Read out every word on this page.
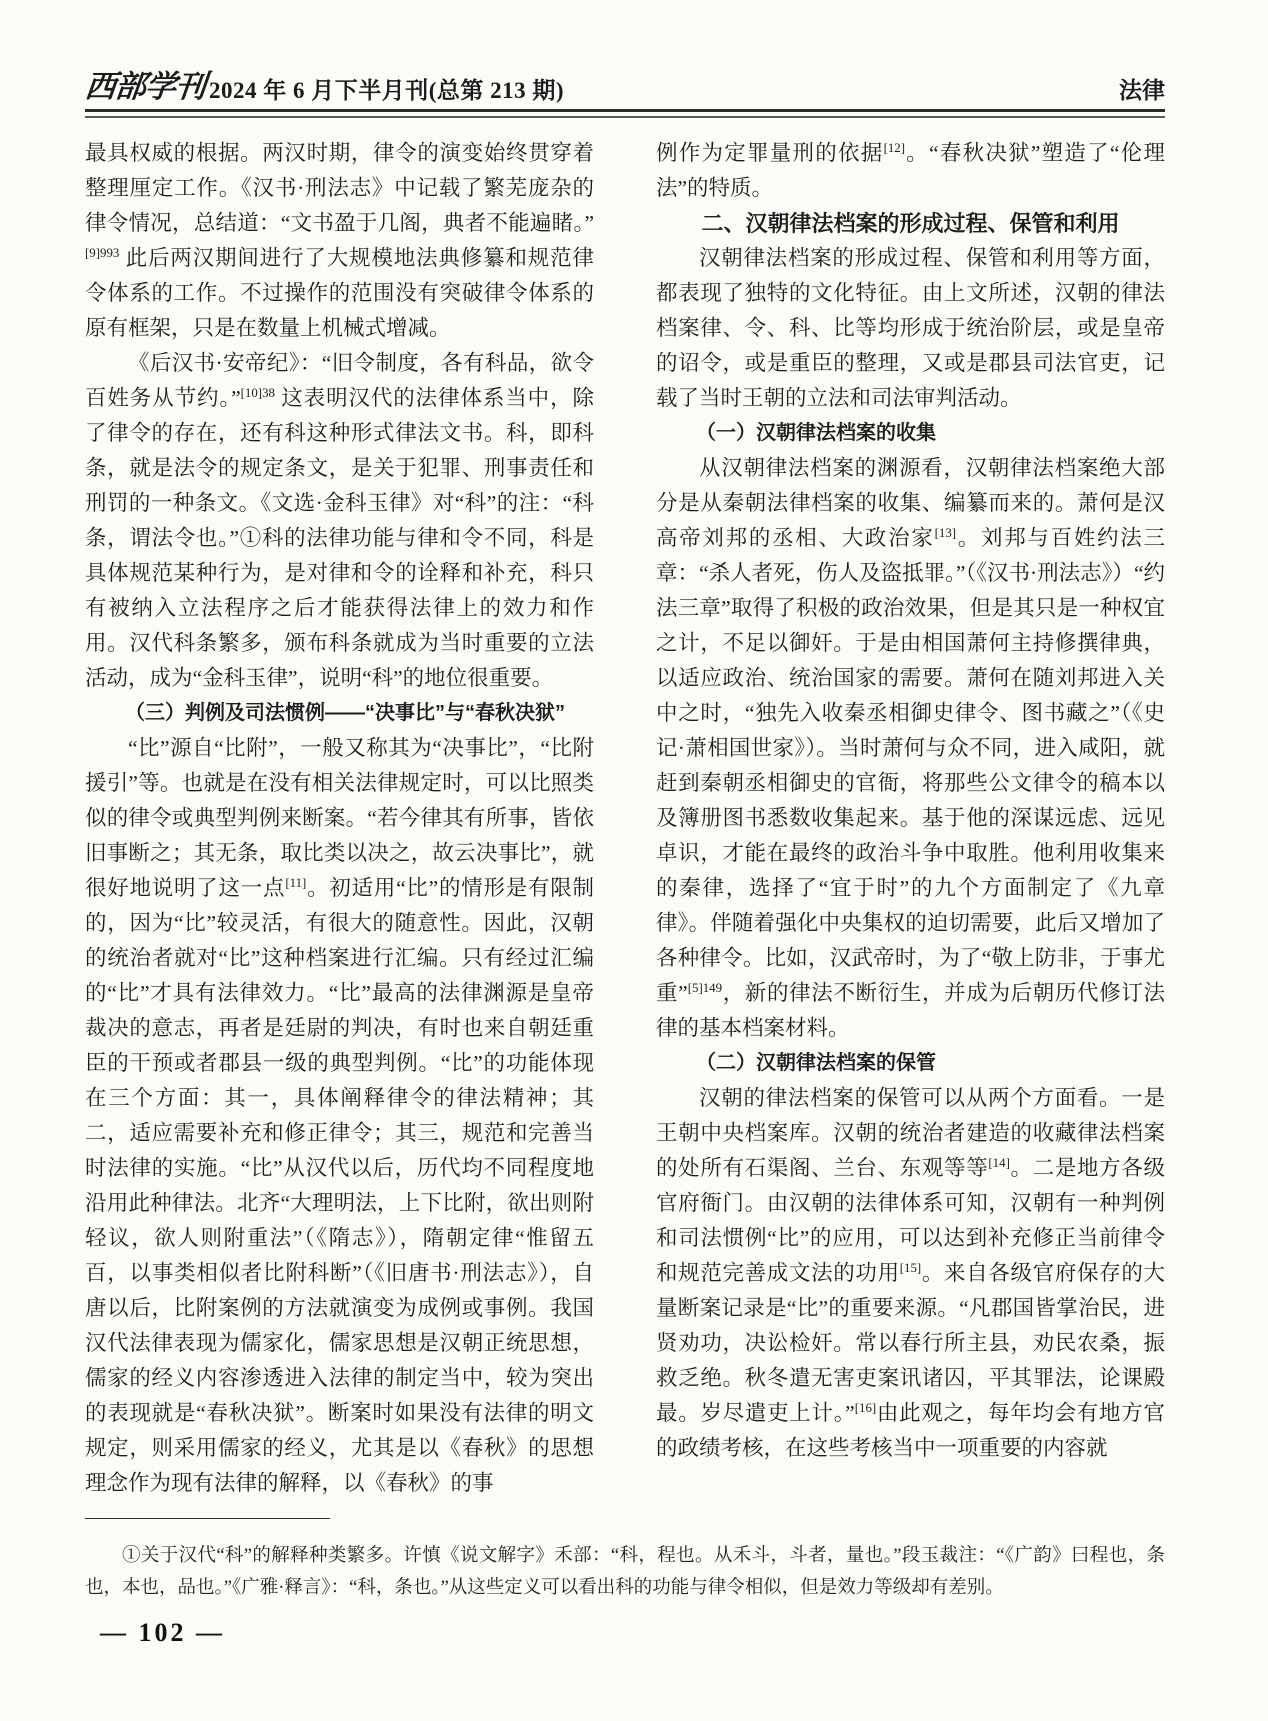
西部学刊 2024 年 6 月下半月刊(总第 213 期)	法律
最具权威的根据。两汉时期，律令的演变始终贯穿着整理厘定工作。《汉书·刑法志》中记载了繁芜庞杂的律令情况，总结道：“文书盈于几阁，典者不能遍睹。”$^{[9]993}$ 此后两汉期间进行了大规模地法典修纂和规范律令体系的工作。不过操作的范围没有突破律令体系的原有框架，只是在数量上机械式增减。
《后汉书·安帝纪》：“旧令制度，各有科品，欲令百姓务从节约。”$^{[10]38}$ 这表明汉代的法律体系当中，除了律令的存在，还有科这种形式律法文书。科，即科条，就是法令的规定条文，是关于犯罪、刑事责任和刑罚的一种条文。《文选·金科玉律》对“科”的注：“科条，谓法令也。”①科的法律功能与律和令不同，科是具体规范某种行为，是对律和令的诠释和补充，科只有被纳入立法程序之后才能获得法律上的效力和作用。汉代科条繁多，颁布科条就成为当时重要的立法活动，成为“金科玉律”，说明“科”的地位很重要。
（三）判例及司法惯例——“决事比”与“春秋决狱”
“比”源自“比附”，一般又称其为“决事比”，“比附援引”等。也就是在没有相关法律规定时，可以比照类似的律令或典型判例来断案。“若今律其有所事，皆依旧事断之；其无条，取比类以决之，故云决事比”，就很好地说明了这一点[11]。初适用“比”的情形是有限制的，因为“比”较灵活，有很大的随意性。因此，汉朝的统治者就对“比”这种档案进行汇编。只有经过汇编的“比”才具有法律效力。“比”最高的法律渊源是皇帝裁决的意志，再者是廷尉的判决，有时也来自朝廷重臣的干预或者郡县一级的典型判例。“比”的功能体现在三个方面：其一，具体阐释律令的律法精神；其二，适应需要补充和修正律令；其三，规范和完善当时法律的实施。“比”从汉代以后，历代均不同程度地沿用此种律法。北齐“大理明法，上下比附，欲出则附轻议，欲人则附重法”（《隋志》），隋朝定律“惟留五百，以事类相似者比附科断”（《旧唐书·刑法志》），自唐以后，比附案例的方法就演变为成例或事例。我国汉代法律表现为儒家化，儒家思想是汉朝正统思想，儒家的经义内容渗透进入法律的制定当中，较为突出的表现就是“春秋决狱”。断案时如果没有法律的明文规定，则采用儒家的经义，尤其是以《春秋》的思想理念作为现有法律的解释，以《春秋》的事
例作为定罪量刑的依据[12]。“春秋决狱”塑造了“伦理法”的特质。
二、汉朝律法档案的形成过程、保管和利用
汉朝律法档案的形成过程、保管和利用等方面，都表现了独特的文化特征。由上文所述，汉朝的律法档案律、令、科、比等均形成于统治阶层，或是皇帝的诏令，或是重臣的整理，又或是郡县司法官吏，记载了当时王朝的立法和司法审判活动。
（一）汉朝律法档案的收集
从汉朝律法档案的渊源看，汉朝律法档案绝大部分是从秦朝法律档案的收集、编纂而来的。萧何是汉高帝刘邦的丞相、大政治家[13]。刘邦与百姓约法三章：“杀人者死，伤人及盗抵罪。”（《汉书·刑法志》）“约法三章”取得了积极的政治效果，但是其只是一种权宜之计，不足以御奸。于是由相国萧何主持修撰律典，以适应政治、统治国家的需要。萧何在随刘邦进入关中之时，“独先入收秦丞相御史律令、图书藏之”（《史记·萧相国世家》）。当时萧何与众不同，进入咸阳，就赶到秦朝丞相御史的官衙，将那些公文律令的稿本以及簿册图书悉数收集起来。基于他的深谋远虑、远见卓识，才能在最终的政治斗争中取胜。他利用收集来的秦律，选择了“宜于时”的九个方面制定了《九章律》。伴随着强化中央集权的迫切需要，此后又增加了各种律令。比如，汉武帝时，为了“敬上防非，于事尤重”$^{[5]149}$，新的律法不断衍生，并成为后朝历代修订法律的基本档案材料。
（二）汉朝律法档案的保管
汉朝的律法档案的保管可以从两个方面看。一是王朝中央档案库。汉朝的统治者建造的收藏律法档案的处所有石渠阁、兰台、东观等等[14]。二是地方各级官府衙门。由汉朝的法律体系可知，汉朝有一种判例和司法惯例“比”的应用，可以达到补充修正当前律令和规范完善成文法的功用[15]。来自各级官府保存的大量断案记录是“比”的重要来源。“凡郡国皆掌治民，进贤劝功，决讼检奸。常以春行所主县，劝民农桑，振救乏绝。秋冬遣无害吏案讯诸囚，平其罪法，论课殿最。岁尽遣吏上计。”[16]由此观之，每年均会有地方官的政绩考核，在这些考核当中一项重要的内容就
①关于汉代“科”的解释种类繁多。许慎《说文解字》禾部：“科，程也。从禾斗，斗者，量也。”段玉裁注：“《广韵》曰程也，条也，本也，品也。”《广雅·释言》：“科，条也。”从这些定义可以看出科的功能与律令相似，但是效力等级却有差别。
— 102 —
